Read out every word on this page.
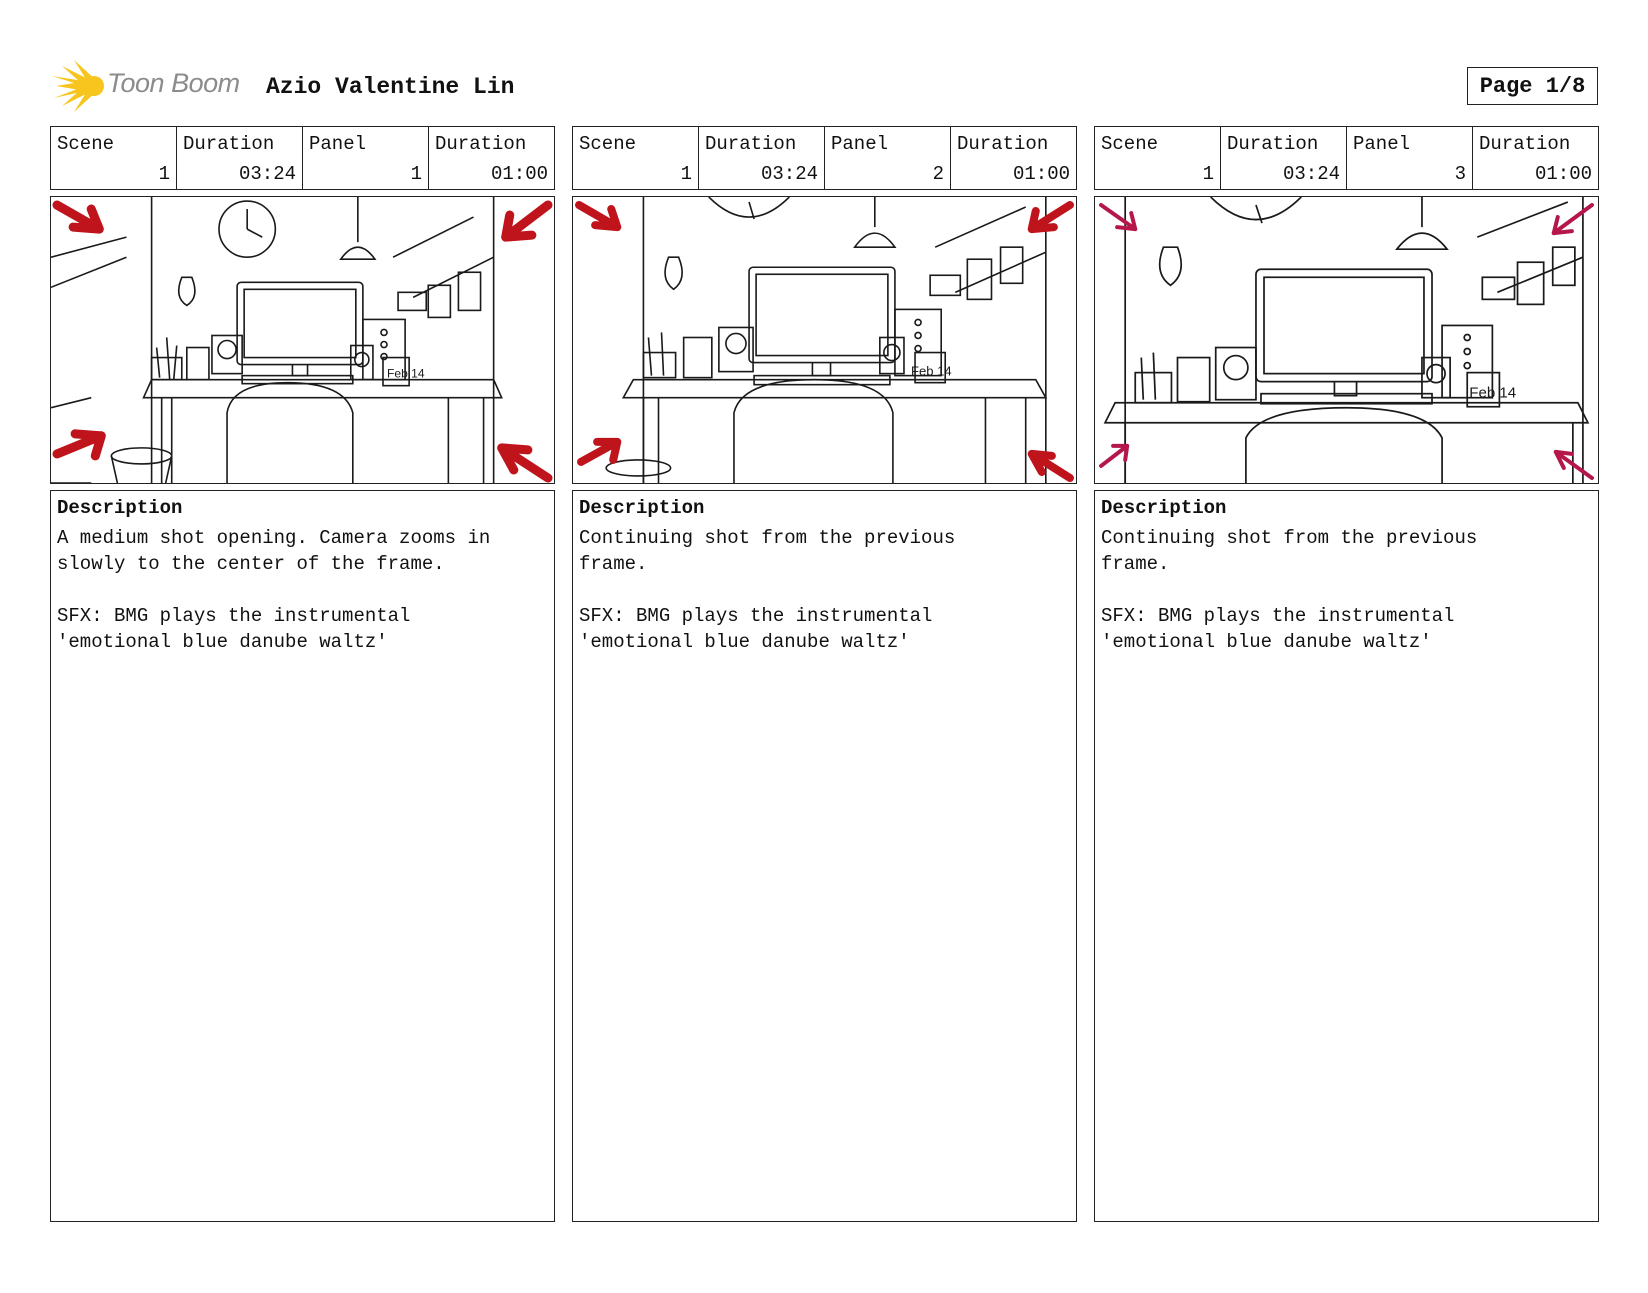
Toon Boom Azio Valentine Lin	Page 1/8
Scene
1
Duration
03:24
Panel
1
Duration
01:00
Feb 14
Description

A medium shot opening. Camera zooms in

slowly to the center of the frame.

SFX: BMG plays the instrumental

'emotional blue danube waltz'

Scene
1
Duration
03:24
Panel
2
Duration
01:00
Feb 14
Description

Continuing shot from the previous

frame.

SFX: BMG plays the instrumental

'emotional blue danube waltz'

Scene
1
Duration
03:24
Panel
3
Duration
01:00
Feb 14
Description

Continuing shot from the previous

frame.

SFX: BMG plays the instrumental

'emotional blue danube waltz'
